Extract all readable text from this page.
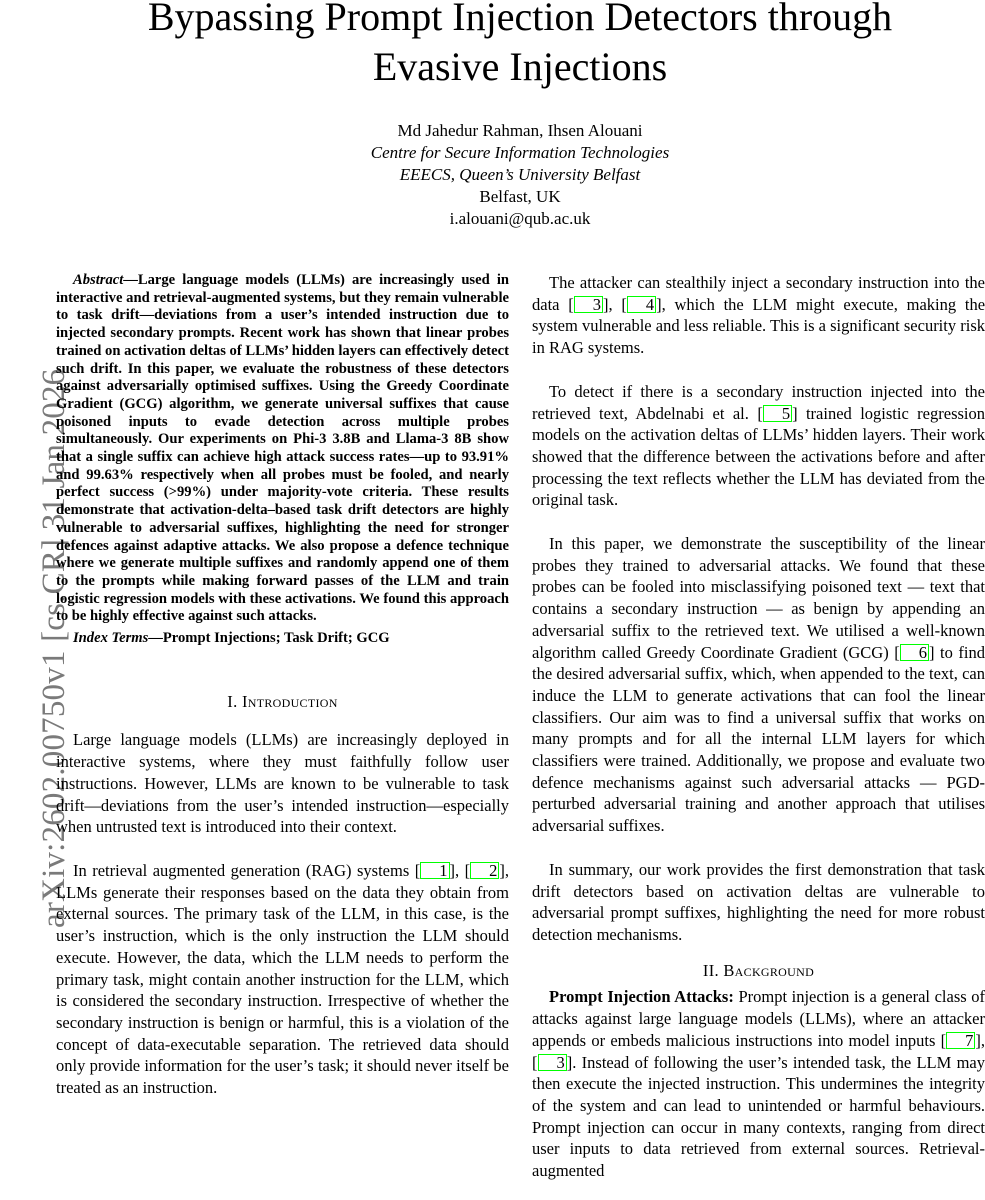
Bypassing Prompt Injection Detectors through
Evasive Injections
Md Jahedur Rahman, Ihsen Alouani
Centre for Secure Information Technologies
EEECS, Queen’s University Belfast
Belfast, UK
i.alouani@qub.ac.uk
arXiv:2602.00750v1 [cs.CR] 31 Jan 2026

Abstract—Large language models (LLMs) are increasingly used in interactive and retrieval-augmented systems, but they remain vulnerable to task drift—deviations from a user’s intended instruction due to injected secondary prompts. Recent work has shown that linear probes trained on activation deltas of LLMs’ hidden layers can effectively detect such drift. In this paper, we evaluate the robustness of these detectors against adversarially optimised suffixes. Using the Greedy Coordinate Gradient (GCG) algorithm, we generate universal suffixes that cause poisoned inputs to evade detection across multiple probes simultaneously. Our experiments on Phi-3 3.8B and Llama-3 8B show that a single suffix can achieve high attack success rates—up to 93.91% and 99.63% respectively when all probes must be fooled, and nearly perfect success (>99%) under majority-vote criteria. These results demonstrate that activation-delta–based task drift detectors are highly vulnerable to adversarial suffixes, highlighting the need for stronger defences against adaptive attacks. We also propose a defence technique where we generate multiple suffixes and randomly append one of them to the prompts while making forward passes of the LLM and train logistic regression models with these activations. We found this approach to be highly effective against such attacks.

Index Terms—Prompt Injections; Task Drift; GCG

I. Introduction

Large language models (LLMs) are increasingly deployed in interactive systems, where they must faithfully follow user instructions. However, LLMs are known to be vulnerable to task drift—deviations from the user’s intended instruction—especially when untrusted text is introduced into their context.

In retrieval augmented generation (RAG) systems [ 1 ], [ 2 ], LLMs generate their responses based on the data they obtain from external sources. The primary task of the LLM, in this case, is the user’s instruction, which is the only instruction the LLM should execute. However, the data, which the LLM needs to perform the primary task, might contain another instruction for the LLM, which is considered the secondary instruction. Irrespective of whether the secondary instruction is benign or harmful, this is a violation of the concept of data-executable separation. The retrieved data should only provide information for the user’s task; it should never itself be treated as an instruction.

The attacker can stealthily inject a secondary instruction into the data [ 3 ], [ 4 ], which the LLM might execute, making the system vulnerable and less reliable. This is a significant security risk in RAG systems.

To detect if there is a secondary instruction injected into the retrieved text, Abdelnabi et al. [ 5 ] trained logistic regression models on the activation deltas of LLMs’ hidden layers. Their work showed that the difference between the activations before and after processing the text reflects whether the LLM has deviated from the original task.

In this paper, we demonstrate the susceptibility of the linear probes they trained to adversarial attacks. We found that these probes can be fooled into misclassifying poisoned text — text that contains a secondary instruction — as benign by appending an adversarial suffix to the retrieved text. We utilised a well-known algorithm called Greedy Coordinate Gradient (GCG) [ 6 ] to find the desired adversarial suffix, which, when appended to the text, can induce the LLM to generate activations that can fool the linear classifiers. Our aim was to find a universal suffix that works on many prompts and for all the internal LLM layers for which classifiers were trained. Additionally, we propose and evaluate two defence mechanisms against such adversarial attacks — PGD-perturbed adversarial training and another approach that utilises adversarial suffixes.

In summary, our work provides the first demonstration that task drift detectors based on activation deltas are vulnerable to adversarial prompt suffixes, highlighting the need for more robust detection mechanisms.

II. Background

Prompt Injection Attacks: Prompt injection is a general class of attacks against large language models (LLMs), where an attacker appends or embeds malicious instructions into model inputs [ 7 ], [ 3 ]. Instead of following the user’s intended task, the LLM may then execute the injected instruction. This undermines the integrity of the system and can lead to unintended or harmful behaviours. Prompt injection can occur in many contexts, ranging from direct user inputs to data retrieved from external sources. Retrieval-augmented
